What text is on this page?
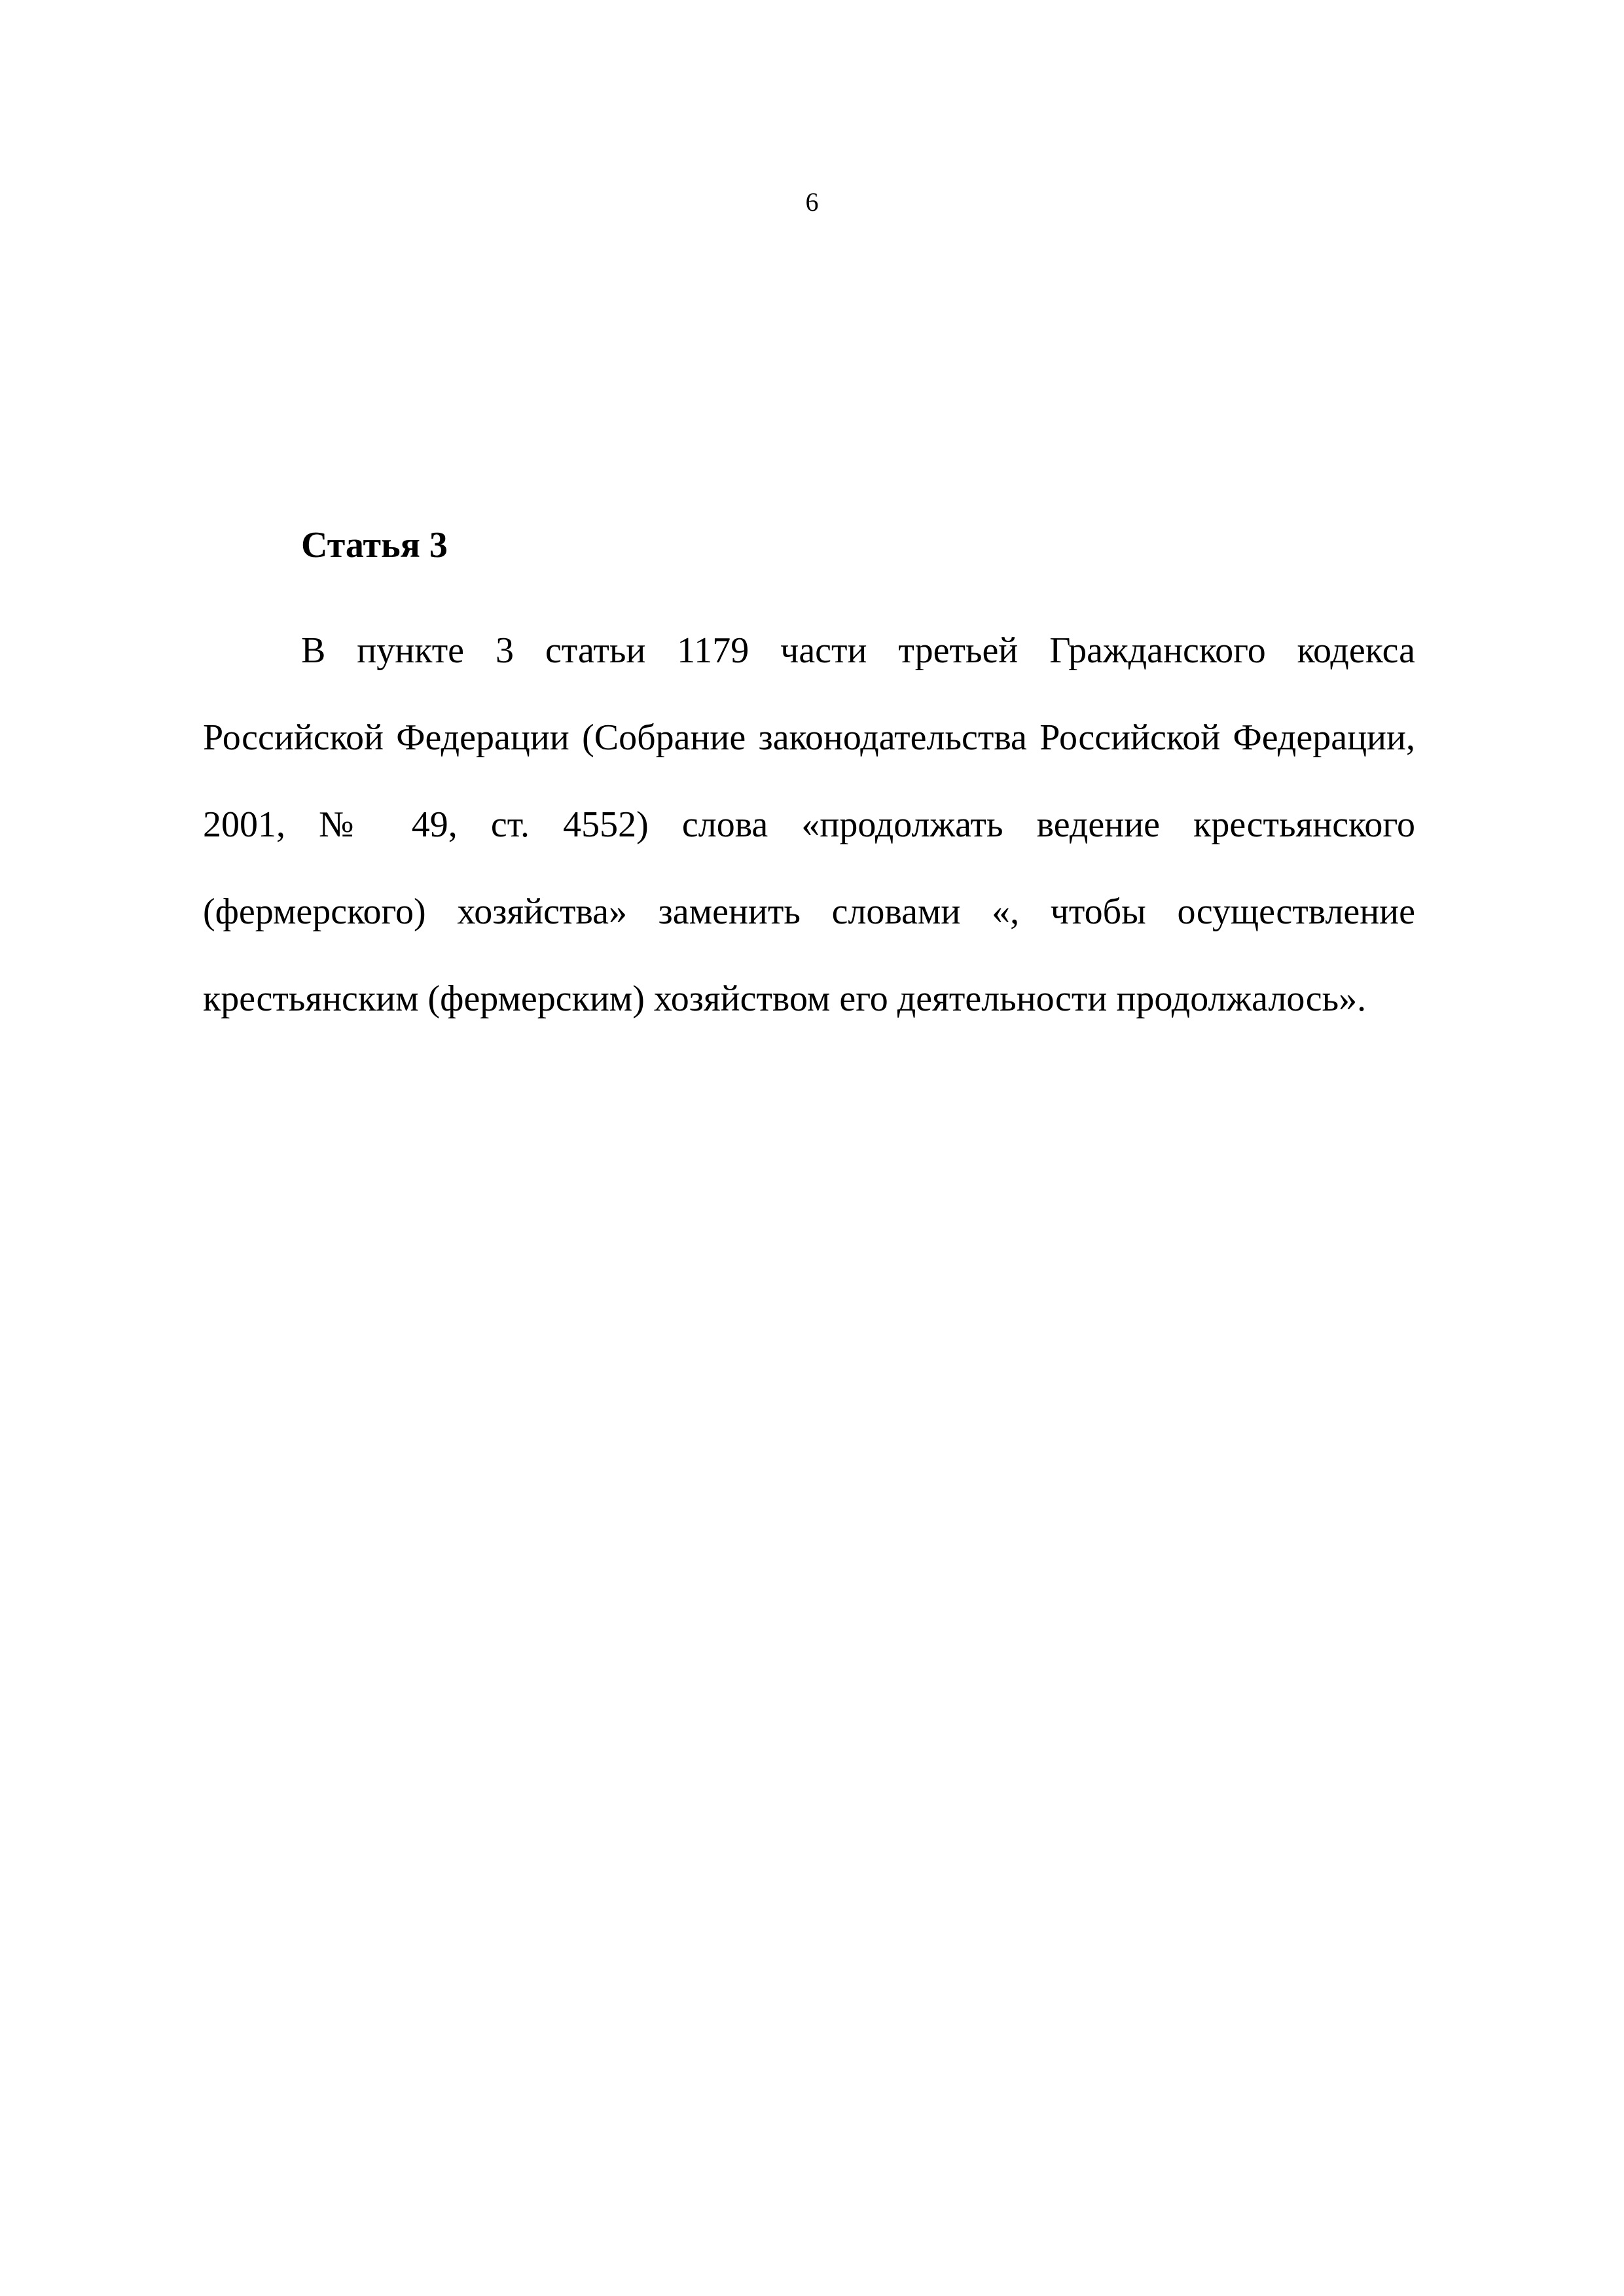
6
Статья 3

В пункте 3 статьи 1179 части третьей Гражданского кодекса Российской Федерации (Собрание законодательства Российской Федерации, 2001, № 49, ст. 4552) слова «продолжать ведение крестьянского (фермерского) хозяйства» заменить словами «, чтобы осуществление крестьянским (фермерским) хозяйством его деятельности продолжалось».
